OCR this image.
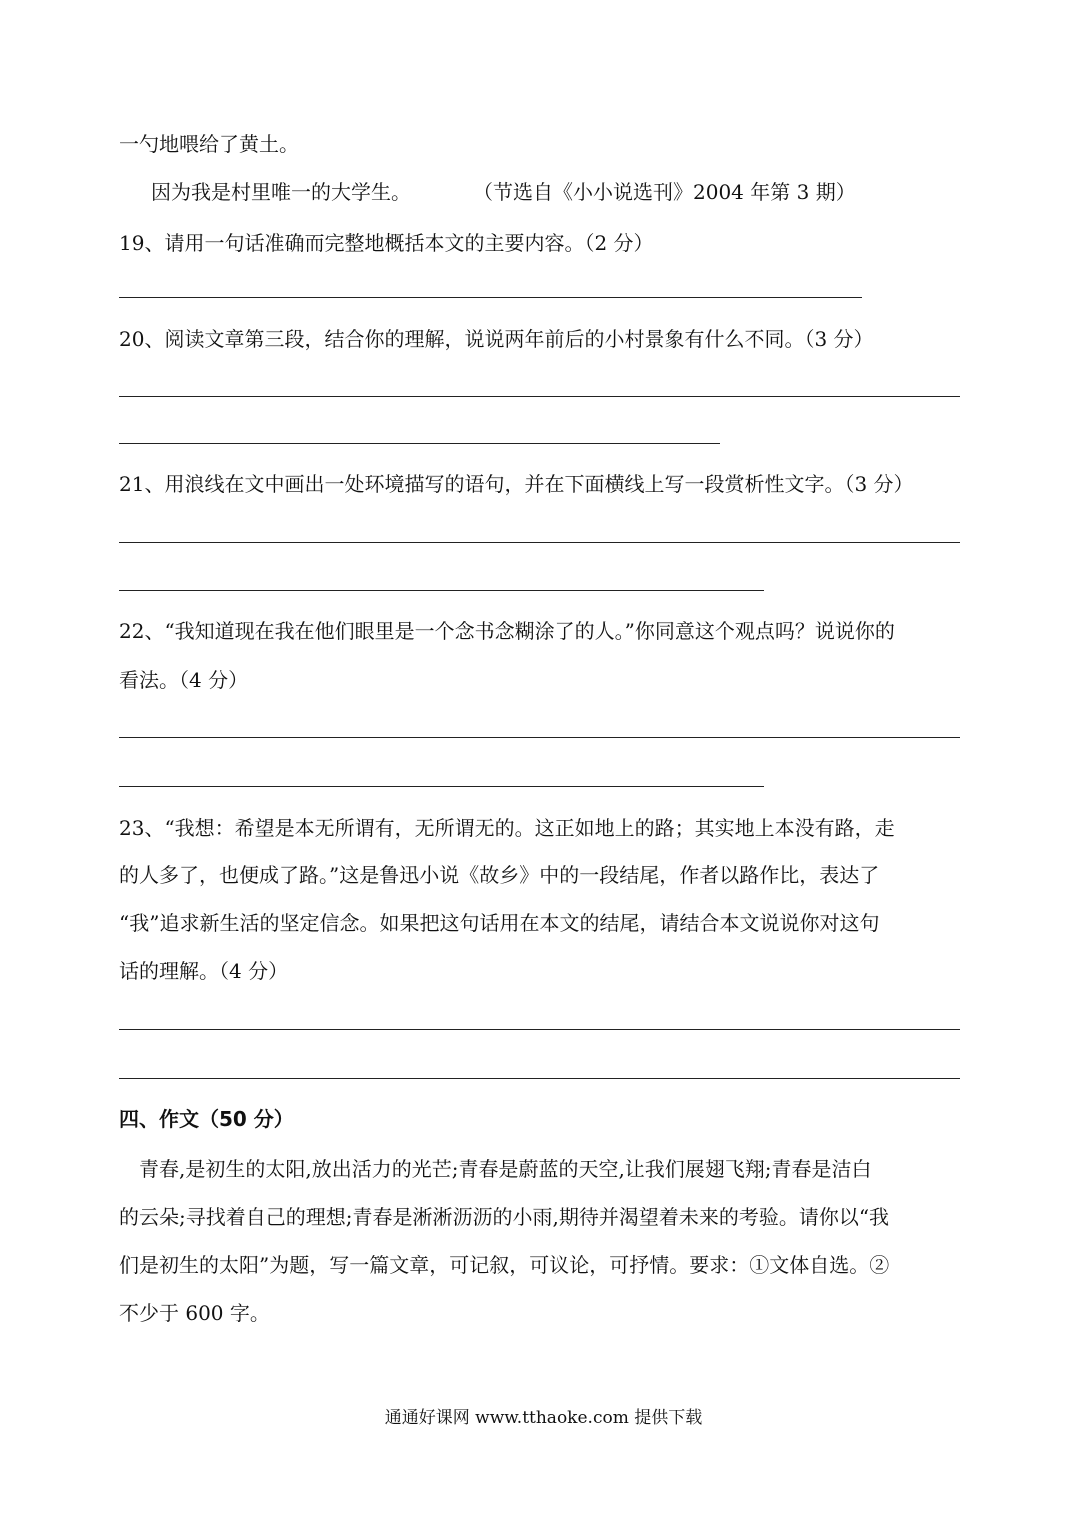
一勺地喂给了黄土。
因为我是村里唯一的大学生。	（节选自《小小说选刊》2004 年第 3 期）
19、请用一句话准确而完整地概括本文的主要内容。（2 分）
20、阅读文章第三段，结合你的理解，说说两年前后的小村景象有什么不同。（3 分）
21、用浪线在文中画出一处环境描写的语句，并在下面横线上写一段赏析性文字。（3 分）
22、“我知道现在我在他们眼里是一个念书念糊涂了的人。”你同意这个观点吗？说说你的
看法。（4 分）
23、“我想：希望是本无所谓有，无所谓无的。这正如地上的路；其实地上本没有路，走
的人多了，也便成了路。”这是鲁迅小说《故乡》中的一段结尾，作者以路作比，表达了
“我”追求新生活的坚定信念。如果把这句话用在本文的结尾，请结合本文说说你对这句
话的理解。（4 分）
四、作文（50 分）
青春,是初生的太阳,放出活力的光芒;青春是蔚蓝的天空,让我们展翅飞翔;青春是洁白
的云朵;寻找着自己的理想;青春是淅淅沥沥的小雨,期待并渴望着未来的考验。请你以“我
们是初生的太阳”为题，写一篇文章，可记叙，可议论，可抒情。要求：①文体自选。②
不少于 600 字。
通通好课网 www.tthaoke.com 提供下载
